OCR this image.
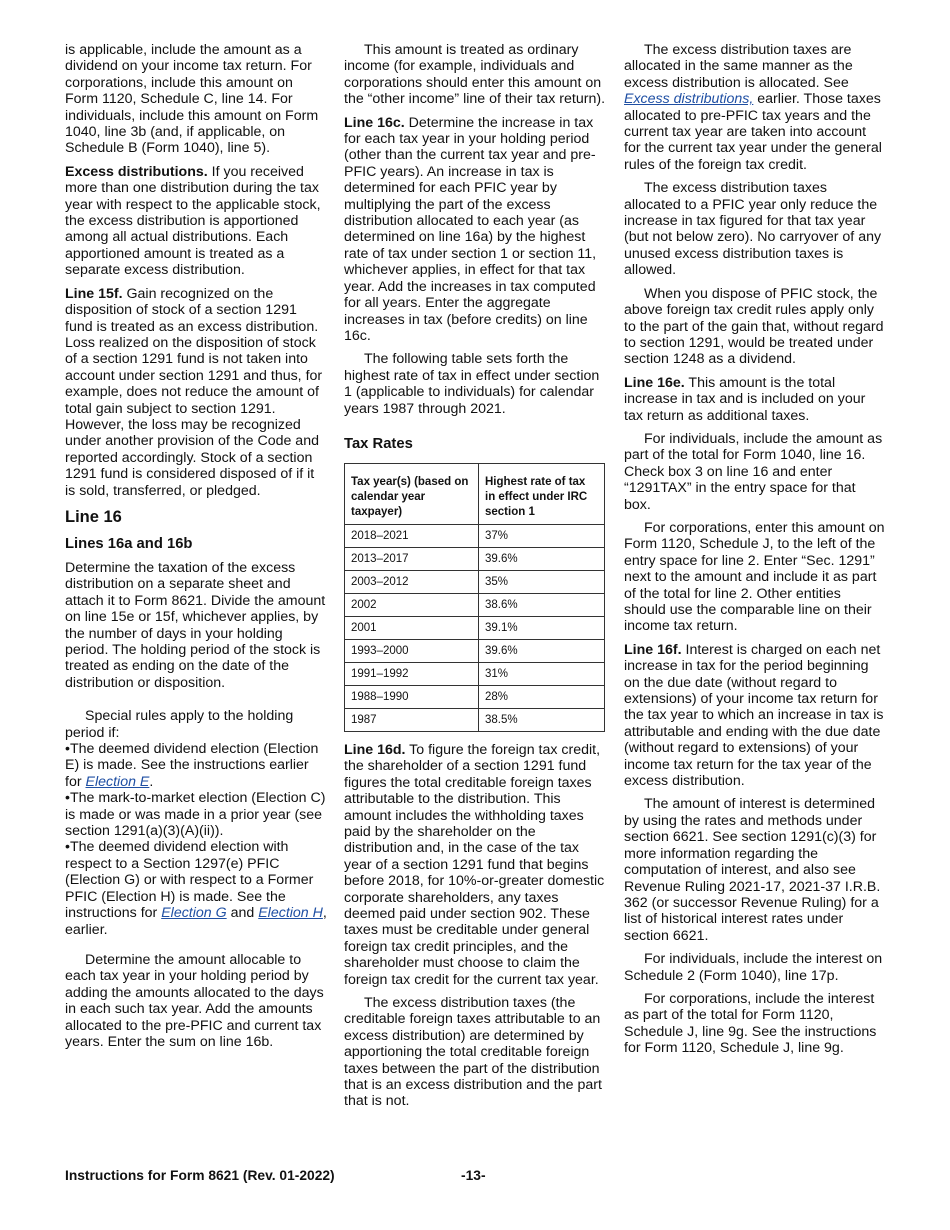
is applicable, include the amount as a dividend on your income tax return. For corporations, include this amount on Form 1120, Schedule C, line 14. For individuals, include this amount on Form 1040, line 3b (and, if applicable, on Schedule B (Form 1040), line 5).

Excess distributions. If you received more than one distribution during the tax year with respect to the applicable stock, the excess distribution is apportioned among all actual distributions. Each apportioned amount is treated as a separate excess distribution.

Line 15f. Gain recognized on the disposition of stock of a section 1291 fund is treated as an excess distribution. Loss realized on the disposition of stock of a section 1291 fund is not taken into account under section 1291 and thus, for example, does not reduce the amount of total gain subject to section 1291. However, the loss may be recognized under another provision of the Code and reported accordingly. Stock of a section 1291 fund is considered disposed of if it is sold, transferred, or pledged.

Line 16
Lines 16a and 16b

Determine the taxation of the excess distribution on a separate sheet and attach it to Form 8621. Divide the amount on line 15e or 15f, whichever applies, by the number of days in your holding period. The holding period of the stock is treated as ending on the date of the distribution or disposition.

Special rules apply to the holding period if:

• The deemed dividend election (Election E) is made. See the instructions earlier for Election E.

• The mark-to-market election (Election C) is made or was made in a prior year (see section 1291(a)(3)(A)(ii)).

• The deemed dividend election with respect to a Section 1297(e) PFIC (Election G) or with respect to a Former PFIC (Election H) is made. See the instructions for Election G and Election H, earlier.

Determine the amount allocable to each tax year in your holding period by adding the amounts allocated to the days in each such tax year. Add the amounts allocated to the pre-PFIC and current tax years. Enter the sum on line 16b.

This amount is treated as ordinary income (for example, individuals and corporations should enter this amount on the “other income” line of their tax return).

Line 16c. Determine the increase in tax for each tax year in your holding period (other than the current tax year and pre-PFIC years). An increase in tax is determined for each PFIC year by multiplying the part of the excess distribution allocated to each year (as determined on line 16a) by the highest rate of tax under section 1 or section 11, whichever applies, in effect for that tax year. Add the increases in tax computed for all years. Enter the aggregate increases in tax (before credits) on line 16c.

The following table sets forth the highest rate of tax in effect under section 1 (applicable to individuals) for calendar years 1987 through 2021.

Tax Rates
Tax year(s) (based on calendar year taxpayer)	Highest rate of tax in effect under IRC section 1
2018–2021	37%
2013–2017	39.6%
2003–2012	35%
2002	38.6%
2001	39.1%
1993–2000	39.6%
1991–1992	31%
1988–1990	28%
1987	38.5%

Line 16d. To figure the foreign tax credit, the shareholder of a section 1291 fund figures the total creditable foreign taxes attributable to the distribution. This amount includes the withholding taxes paid by the shareholder on the distribution and, in the case of the tax year of a section 1291 fund that begins before 2018, for 10%-or-greater domestic corporate shareholders, any taxes deemed paid under section 902. These taxes must be creditable under general foreign tax credit principles, and the shareholder must choose to claim the foreign tax credit for the current tax year.

The excess distribution taxes (the creditable foreign taxes attributable to an excess distribution) are determined by apportioning the total creditable foreign taxes between the part of the distribution that is an excess distribution and the part that is not.

The excess distribution taxes are allocated in the same manner as the excess distribution is allocated. See Excess distributions, earlier. Those taxes allocated to pre-PFIC tax years and the current tax year are taken into account for the current tax year under the general rules of the foreign tax credit.

The excess distribution taxes allocated to a PFIC year only reduce the increase in tax figured for that tax year (but not below zero). No carryover of any unused excess distribution taxes is allowed.

When you dispose of PFIC stock, the above foreign tax credit rules apply only to the part of the gain that, without regard to section 1291, would be treated under section 1248 as a dividend.

Line 16e. This amount is the total increase in tax and is included on your tax return as additional taxes.

For individuals, include the amount as part of the total for Form 1040, line 16. Check box 3 on line 16 and enter “1291TAX” in the entry space for that box.

For corporations, enter this amount on Form 1120, Schedule J, to the left of the entry space for line 2. Enter “Sec. 1291” next to the amount and include it as part of the total for line 2. Other entities should use the comparable line on their income tax return.

Line 16f. Interest is charged on each net increase in tax for the period beginning on the due date (without regard to extensions) of your income tax return for the tax year to which an increase in tax is attributable and ending with the due date (without regard to extensions) of your income tax return for the tax year of the excess distribution.

The amount of interest is determined by using the rates and methods under section 6621. See section 1291(c)(3) for more information regarding the computation of interest, and also see Revenue Ruling 2021-17, 2021-37 I.R.B. 362 (or successor Revenue Ruling) for a list of historical interest rates under section 6621.

For individuals, include the interest on Schedule 2 (Form 1040), line 17p.

For corporations, include the interest as part of the total for Form 1120, Schedule J, line 9g. See the instructions for Form 1120, Schedule J, line 9g.

Instructions for Form 8621 (Rev. 01-2022)	-13-
